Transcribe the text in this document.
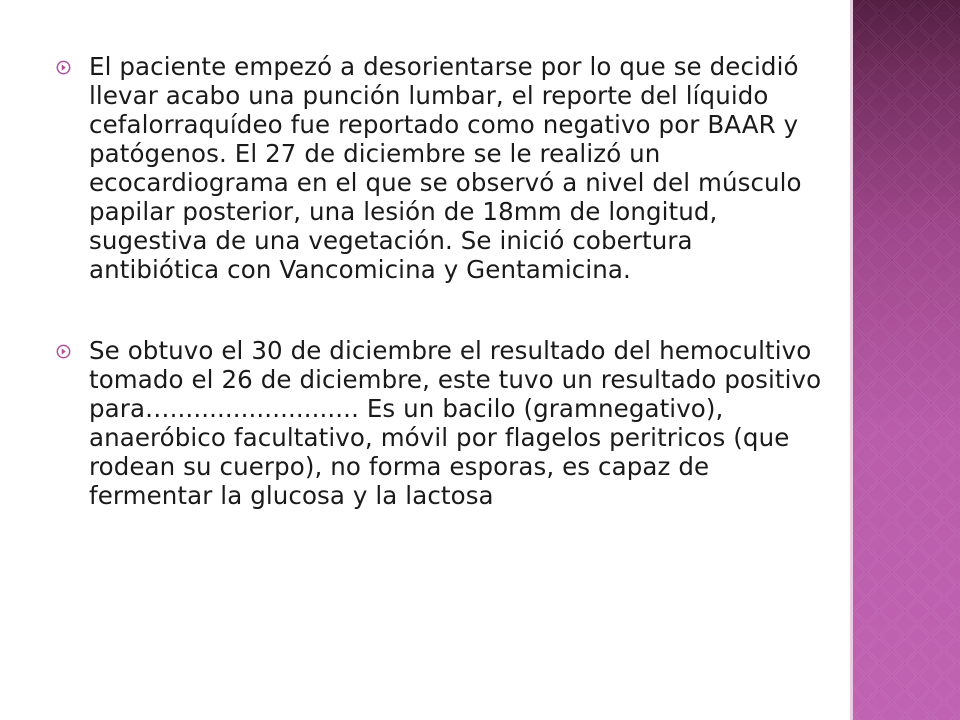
El paciente empezó a desorientarse por lo que se decidió llevar acabo una punción lumbar, el reporte del líquido cefalorraquídeo fue reportado como negativo por BAAR y patógenos. El 27 de diciembre se le realizó un ecocardiograma en el que se observó a nivel del músculo papilar posterior, una lesión de 18mm de longitud, sugestiva de una vegetación. Se inició cobertura antibiótica con Vancomicina y Gentamicina.
Se obtuvo el 30 de diciembre el resultado del hemocultivo tomado el 26 de diciembre, este tuvo un resultado positivo para…........................ Es un bacilo (gramnegativo), anaeróbico facultativo, móvil por flagelos peritricos (que rodean su cuerpo), no forma esporas, es capaz de fermentar la glucosa y la lactosa
